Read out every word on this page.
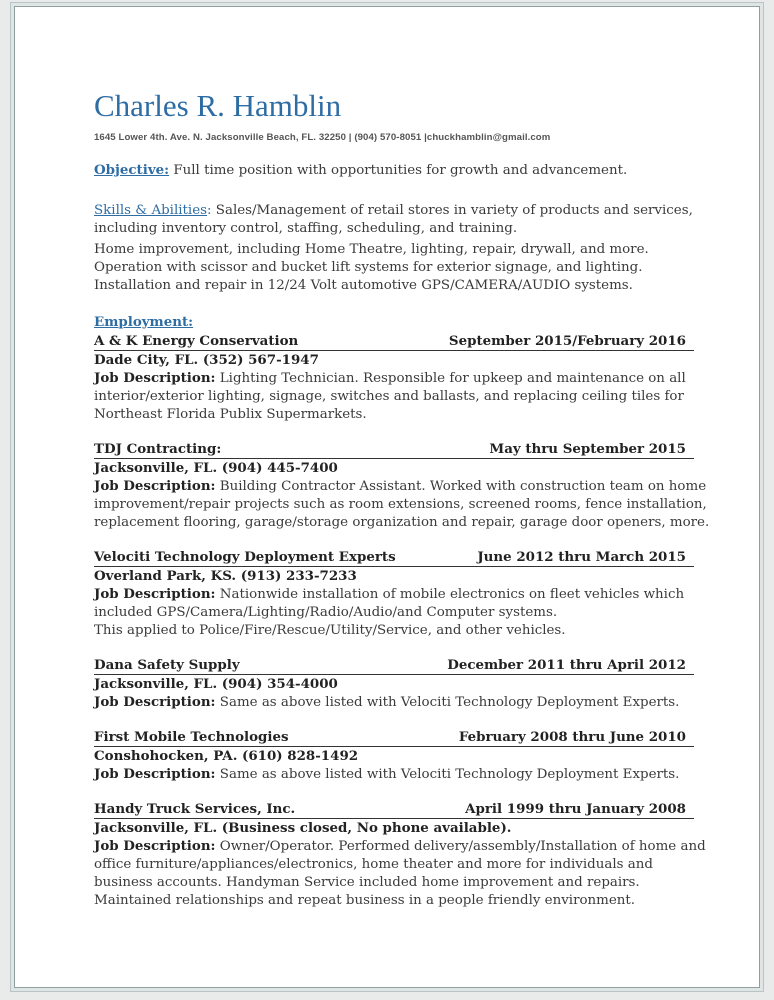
Charles R. Hamblin
1645 Lower 4th. Ave. N. Jacksonville Beach, FL. 32250 | (904) 570-8051 |chuckhamblin@gmail.com
Objective: Full time position with opportunities for growth and advancement.
Skills & Abilities: Sales/Management of retail stores in variety of products and services,
including inventory control, staffing, scheduling, and training.
Home improvement, including Home Theatre, lighting, repair, drywall, and more.
Operation with scissor and bucket lift systems for exterior signage, and lighting.
Installation and repair in 12/24 Volt automotive GPS/CAMERA/AUDIO systems.
Employment:
A & K Energy Conservation	September 2015/February 2016
Dade City, FL. (352) 567-1947
Job Description: Lighting Technician. Responsible for upkeep and maintenance on all
interior/exterior lighting, signage, switches and ballasts, and replacing ceiling tiles for
Northeast Florida Publix Supermarkets.
TDJ Contracting:	May thru September 2015
Jacksonville, FL. (904) 445-7400
Job Description: Building Contractor Assistant. Worked with construction team on home
improvement/repair projects such as room extensions, screened rooms, fence installation,
replacement flooring, garage/storage organization and repair, garage door openers, more.
Velociti Technology Deployment Experts	June 2012 thru March 2015
Overland Park, KS. (913) 233-7233
Job Description: Nationwide installation of mobile electronics on fleet vehicles which
included GPS/Camera/Lighting/Radio/Audio/and Computer systems.
This applied to Police/Fire/Rescue/Utility/Service, and other vehicles.
Dana Safety Supply	December 2011 thru April 2012
Jacksonville, FL. (904) 354-4000
Job Description: Same as above listed with Velociti Technology Deployment Experts.
First Mobile Technologies	February 2008 thru June 2010
Conshohocken, PA. (610) 828-1492
Job Description: Same as above listed with Velociti Technology Deployment Experts.
Handy Truck Services, Inc.	April 1999 thru January 2008
Jacksonville, FL. (Business closed, No phone available).
Job Description: Owner/Operator. Performed delivery/assembly/Installation of home and
office furniture/appliances/electronics, home theater and more for individuals and
business accounts. Handyman Service included home improvement and repairs.
Maintained relationships and repeat business in a people friendly environment.
